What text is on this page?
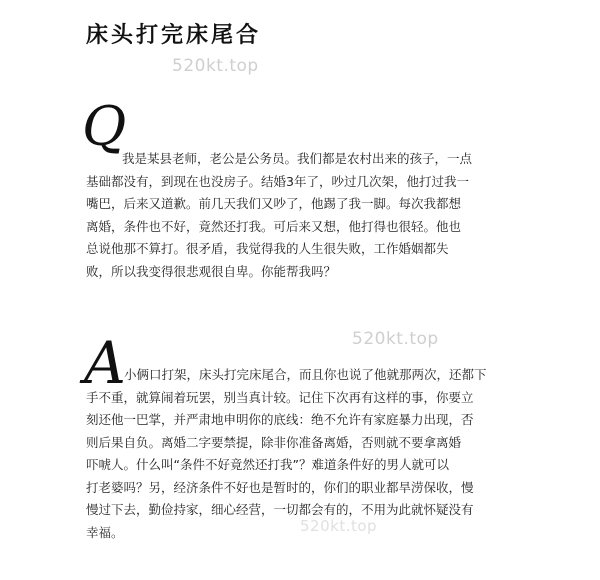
床头打完床尾合
520kt.top
Q
我是某县老师，老公是公务员。我们都是农村出来的孩子，一点
基础都没有，到现在也没房子。结婚3年了，吵过几次架，他打过我一
嘴巴，后来又道歉。前几天我们又吵了，他踢了我一脚。每次我都想
离婚，条件也不好，竟然还打我。可后来又想，他打得也很轻。他也
总说他那不算打。很矛盾，我觉得我的人生很失败，工作婚姻都失
败，所以我变得很悲观很自卑。你能帮我吗？
520kt.top
A
小俩口打架，床头打完床尾合，而且你也说了他就那两次，还都下
手不重，就算闹着玩罢，别当真计较。记住下次再有这样的事，你要立
刻还他一巴掌，并严肃地申明你的底线：绝不允许有家庭暴力出现，否
则后果自负。离婚二字要禁提，除非你准备离婚，否则就不要拿离婚
吓唬人。什么叫“条件不好竟然还打我”？难道条件好的男人就可以
打老婆吗？另，经济条件不好也是暂时的，你们的职业都旱涝保收，慢
慢过下去，勤俭持家，细心经营，一切都会有的，不用为此就怀疑没有
幸福。	520kt.top
